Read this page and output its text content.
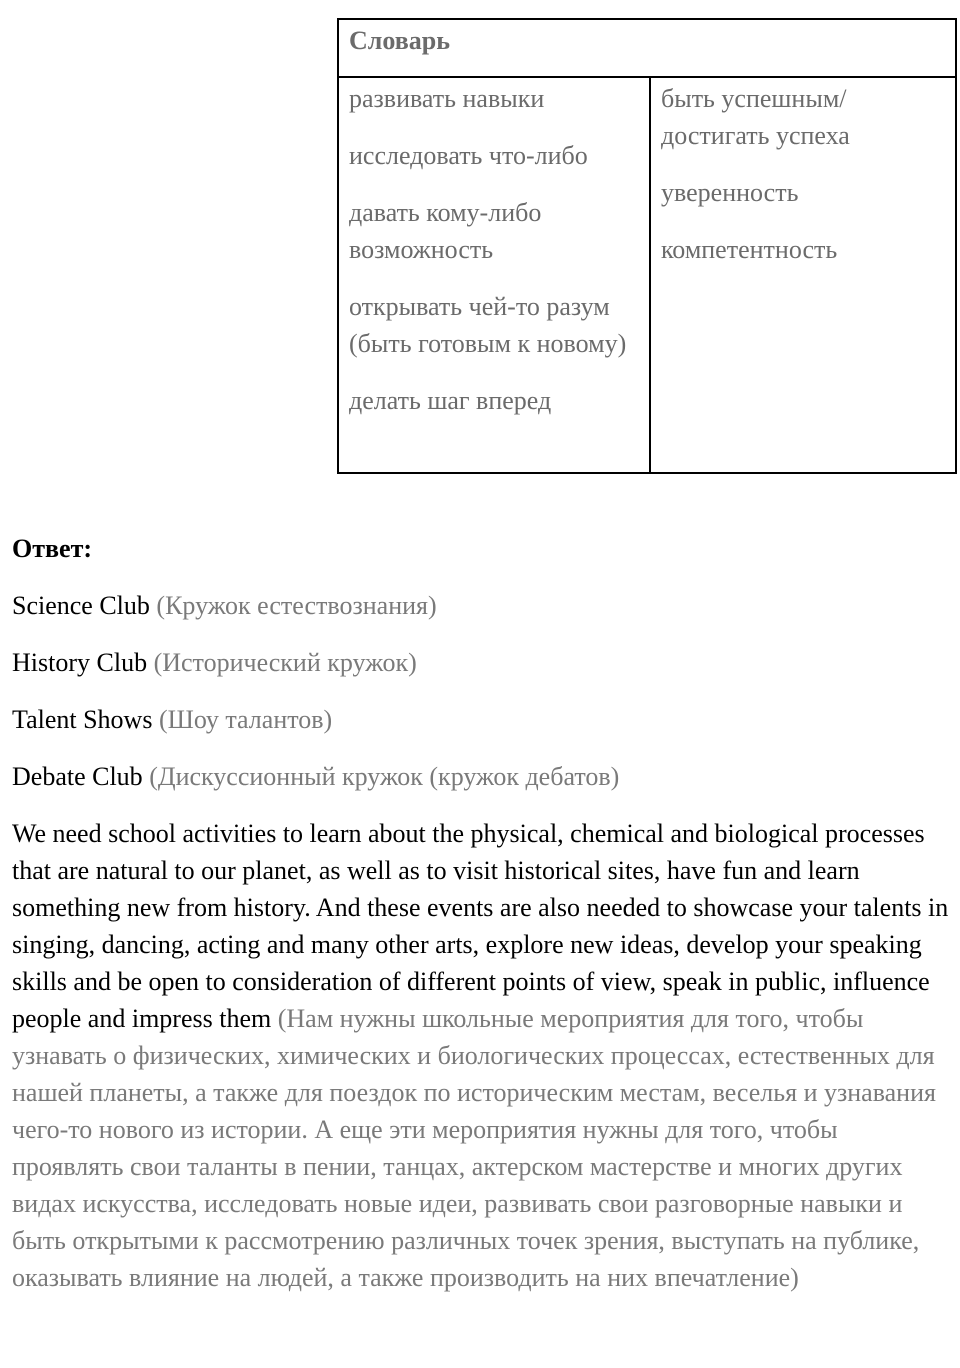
Словарь

развивать навыки

исследовать что-либо

давать кому-либо возможность

открывать чей-то разум (быть готовым к новому)

делать шаг вперед

быть успешным/достигать успеха

уверенность

компетентность

Ответ:

Science Club (Кружок естествознания)

History Club (Исторический кружок)

Talent Shows (Шоу талантов)

Debate Club (Дискуссионный кружок (кружок дебатов)

We need school activities to learn about the physical, chemical and biological processes that are natural to our planet, as well as to visit historical sites, have fun and learn something new from history. And these events are also needed to showcase your talents in singing, dancing, acting and many other arts, explore new ideas, develop your speaking skills and be open to consideration of different points of view, speak in public, influence people and impress them (Нам нужны школьные мероприятия для того, чтобы узнавать о физических, химических и биологических процессах, естественных для нашей планеты, а также для поездок по историческим местам, веселья и узнавания чего-то нового из истории. А еще эти мероприятия нужны для того, чтобы проявлять свои таланты в пении, танцах, актерском мастерстве и многих других видах искусства, исследовать новые идеи, развивать свои разговорные навыки и быть открытыми к рассмотрению различных точек зрения, выступать на публике, оказывать влияние на людей, а также производить на них впечатление)
